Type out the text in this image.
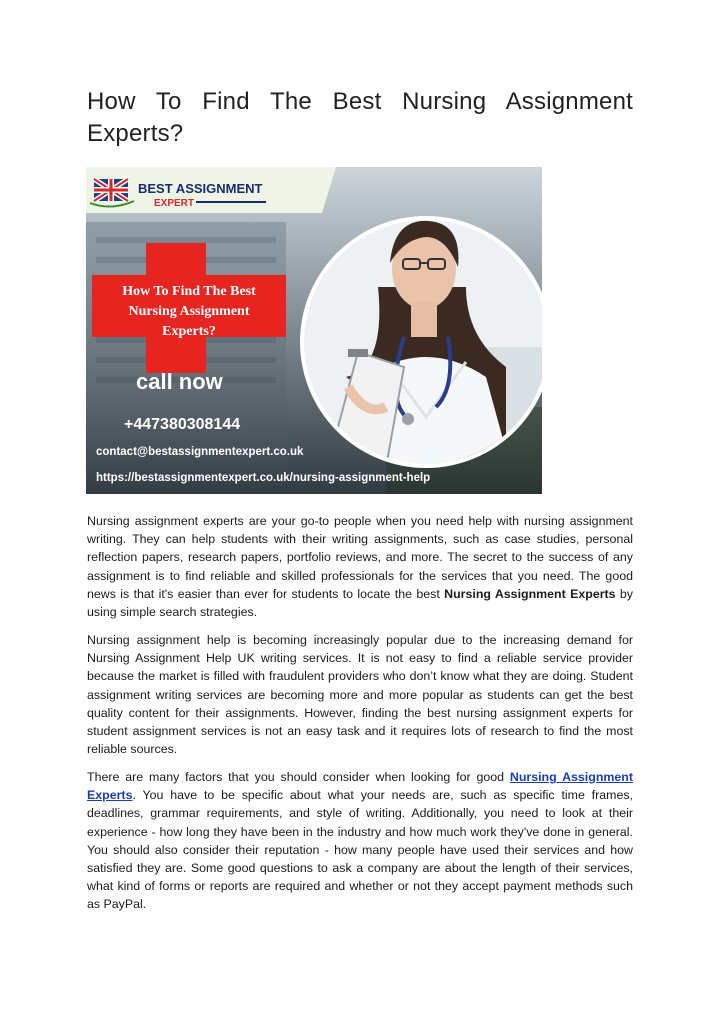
How To Find The Best Nursing Assignment Experts?
BEST ASSIGNMENT
EXPERT
How To Find The Best
Nursing Assignment
Experts?
call now
+447380308144
contact@bestassignmentexpert.co.uk
https://bestassignmentexpert.co.uk/nursing-assignment-help

Nursing assignment experts are your go-to people when you need help with nursing assignment writing. They can help students with their writing assignments, such as case studies, personal reflection papers, research papers, portfolio reviews, and more. The secret to the success of any assignment is to find reliable and skilled professionals for the services that you need. The good news is that it's easier than ever for students to locate the best Nursing Assignment Experts by using simple search strategies.

Nursing assignment help is becoming increasingly popular due to the increasing demand for Nursing Assignment Help UK writing services. It is not easy to find a reliable service provider because the market is filled with fraudulent providers who don’t know what they are doing. Student assignment writing services are becoming more and more popular as students can get the best quality content for their assignments. However, finding the best nursing assignment experts for student assignment services is not an easy task and it requires lots of research to find the most reliable sources.

There are many factors that you should consider when looking for good Nursing Assignment Experts. You have to be specific about what your needs are, such as specific time frames, deadlines, grammar requirements, and style of writing. Additionally, you need to look at their experience - how long they have been in the industry and how much work they've done in general. You should also consider their reputation - how many people have used their services and how satisfied they are. Some good questions to ask a company are about the length of their services, what kind of forms or reports are required and whether or not they accept payment methods such as PayPal.
